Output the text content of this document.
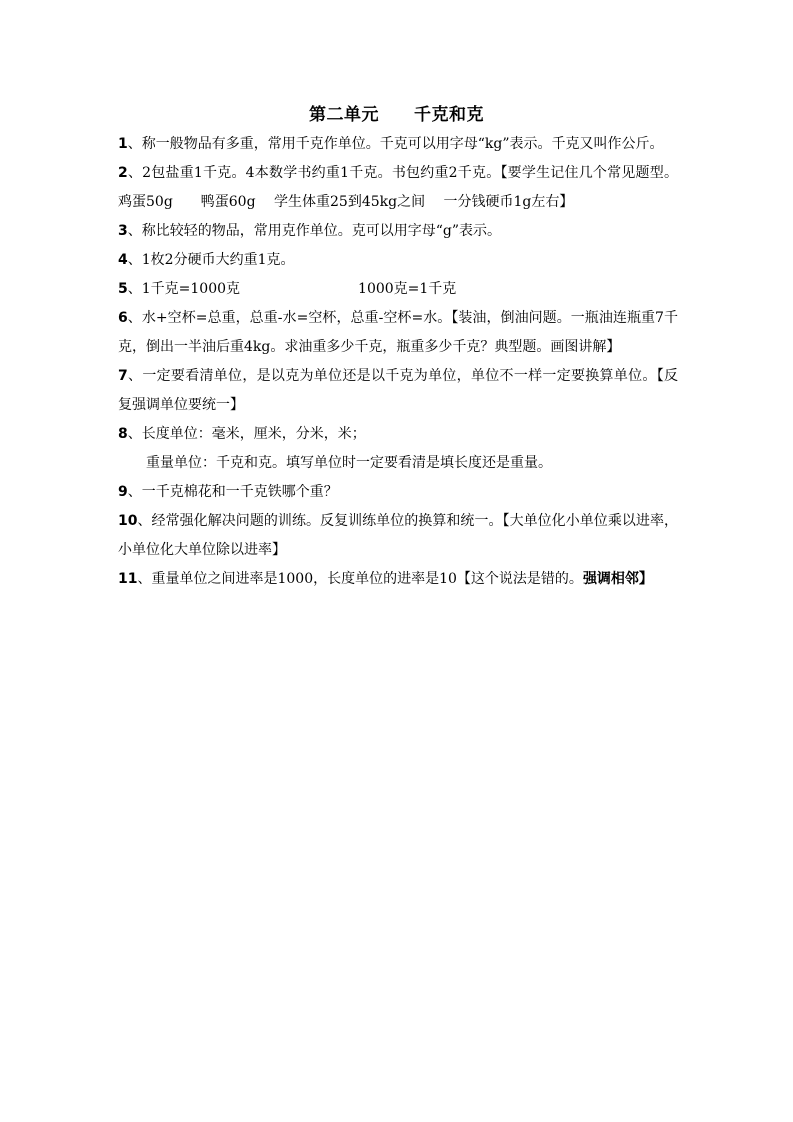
第二单元　　千克和克

1、称一般物品有多重，常用千克作单位。千克可以用字母“kg”表示。千克又叫作公斤。

2、2包盐重1千克。4本数学书约重1千克。书包约重2千克。【要学生记住几个常见题型。鸡蛋50g　　鸭蛋60g　 学生体重25到45kg之间　 一分钱硬币1g左右】

3、称比较轻的物品，常用克作单位。克可以用字母“g”表示。

4、1枚2分硬币大约重1克。

5、1千克=1000克	1000克=1千克

6、水+空杯=总重，总重-水=空杯，总重-空杯=水。【装油，倒油问题。一瓶油连瓶重7千克，倒出一半油后重4kg。求油重多少千克，瓶重多少千克？典型题。画图讲解】

7、一定要看清单位，是以克为单位还是以千克为单位，单位不一样一定要换算单位。【反复强调单位要统一】

8、长度单位：毫米，厘米，分米，米；

重量单位：千克和克。填写单位时一定要看清是填长度还是重量。

9、一千克棉花和一千克铁哪个重？

10、经常强化解决问题的训练。反复训练单位的换算和统一。【大单位化小单位乘以进率，小单位化大单位除以进率】

11、重量单位之间进率是1000，长度单位的进率是10【这个说法是错的。强调相邻】
